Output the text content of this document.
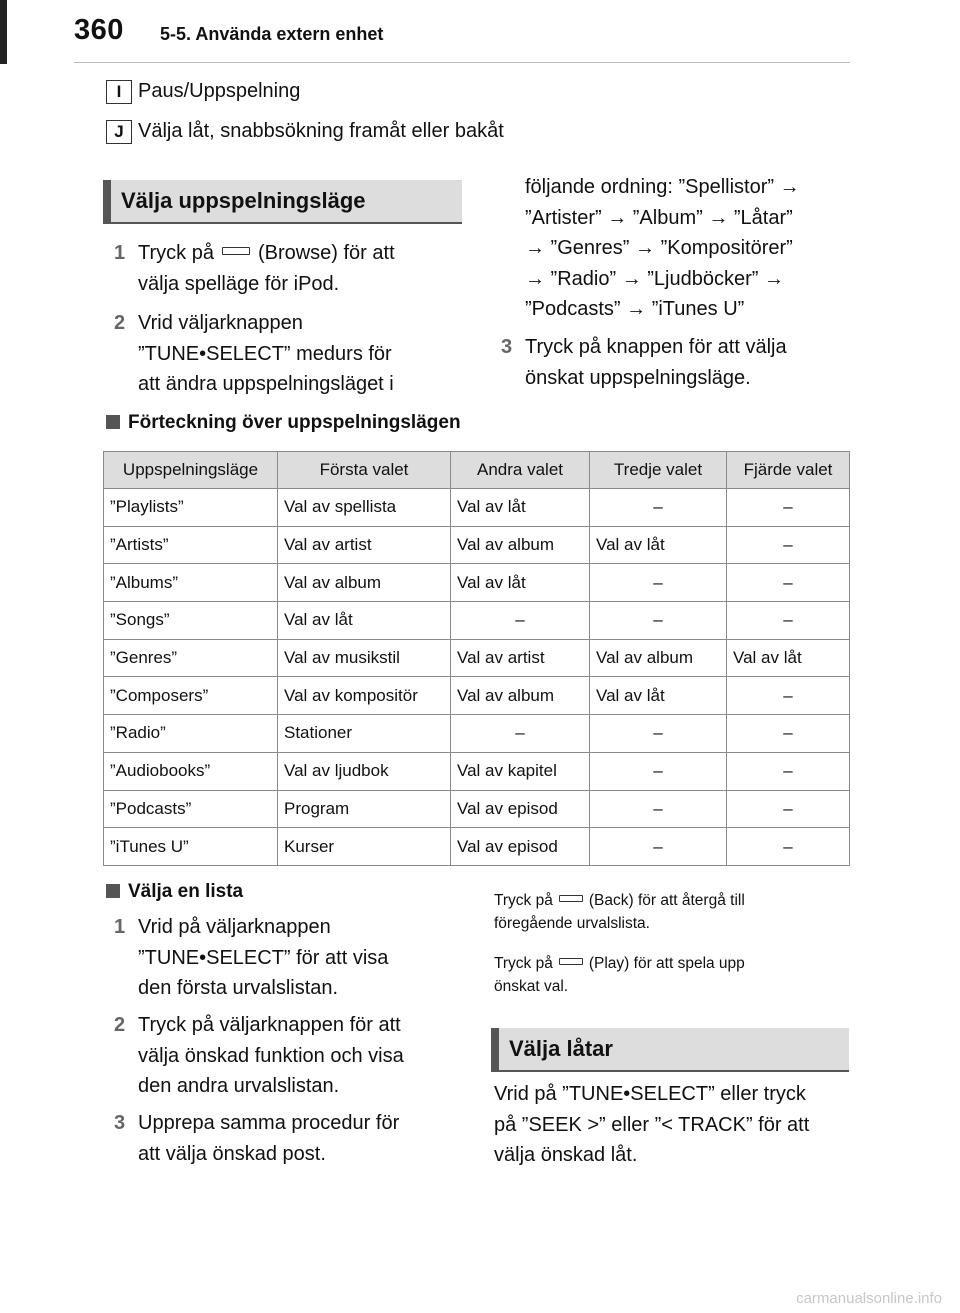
360 5-5. Använda extern enhet
I Paus/Uppspelning
J Välja låt, snabbsökning framåt eller bakåt
Välja uppspelningsläge
1 Tryck på (Browse) för att
välja spelläge för iPod.
2 Vrid väljarknappen
”TUNE•SELECT” medurs för
att ändra uppspelningsläget i
följande ordning: ”Spellistor” →
”Artister” → ”Album” → ”Låtar”
→ ”Genres” → ”Kompositörer”
→ ”Radio” → ”Ljudböcker” →
”Podcasts” → ”iTunes U”
3 Tryck på knappen för att välja
önskat uppspelningsläge.
Förteckning över uppspelningslägen
Uppspelningsläge	Första valet	Andra valet	Tredje valet	Fjärde valet
”Playlists”	Val av spellista	Val av låt	–	–
”Artists”	Val av artist	Val av album	Val av låt	–
”Albums”	Val av album	Val av låt	–	–
”Songs”	Val av låt	–	–	–
”Genres”	Val av musikstil	Val av artist	Val av album	Val av låt
”Composers”	Val av kompositör	Val av album	Val av låt	–
”Radio”	Stationer	–	–	–
”Audiobooks”	Val av ljudbok	Val av kapitel	–	–
”Podcasts”	Program	Val av episod	–	–
”iTunes U”	Kurser	Val av episod	–	–
Välja en lista
1 Vrid på väljarknappen
”TUNE•SELECT” för att visa
den första urvalslistan.
2 Tryck på väljarknappen för att
välja önskad funktion och visa
den andra urvalslistan.
3 Upprepa samma procedur för
att välja önskad post.
Tryck på (Back) för att återgå till
föregående urvalslista.
Tryck på (Play) för att spela upp
önskat val.
Välja låtar
Vrid på ”TUNE•SELECT” eller tryck
på ”SEEK >” eller ”< TRACK” för att
välja önskad låt.
carmanualsonline.info
